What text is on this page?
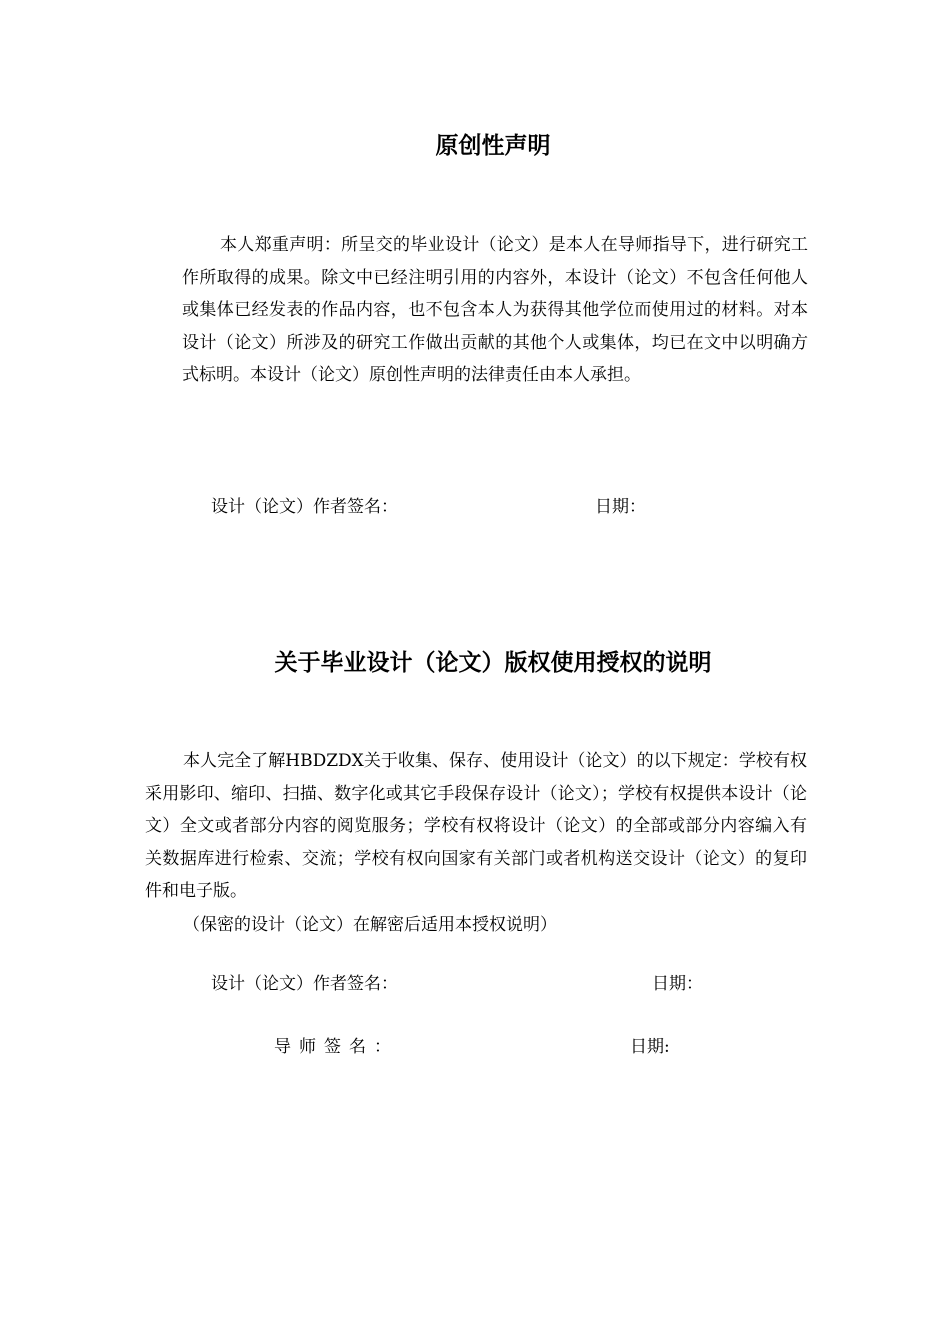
原创性声明

本人郑重声明：所呈交的毕业设计（论文）是本人在导师指导下，进行研究工作所取得的成果。除文中已经注明引用的内容外，本设计（论文）不包含任何他人或集体已经发表的作品内容，也不包含本人为获得其他学位而使用过的材料。对本设计（论文）所涉及的研究工作做出贡献的其他个人或集体，均已在文中以明确方式标明。本设计（论文）原创性声明的法律责任由本人承担。

设计（论文）作者签名：	日期：
关于毕业设计（论文）版权使用授权的说明

本人完全了解HBDZDX关于收集、保存、使用设计（论文）的以下规定：学校有权采用影印、缩印、扫描、数字化或其它手段保存设计（论文）；学校有权提供本设计（论文）全文或者部分内容的阅览服务；学校有权将设计（论文）的全部或部分内容编入有关数据库进行检索、交流；学校有权向国家有关部门或者机构送交设计（论文）的复印件和电子版。

（保密的设计（论文）在解密后适用本授权说明）
设计（论文）作者签名：	日期：
导师签名：	日期:
